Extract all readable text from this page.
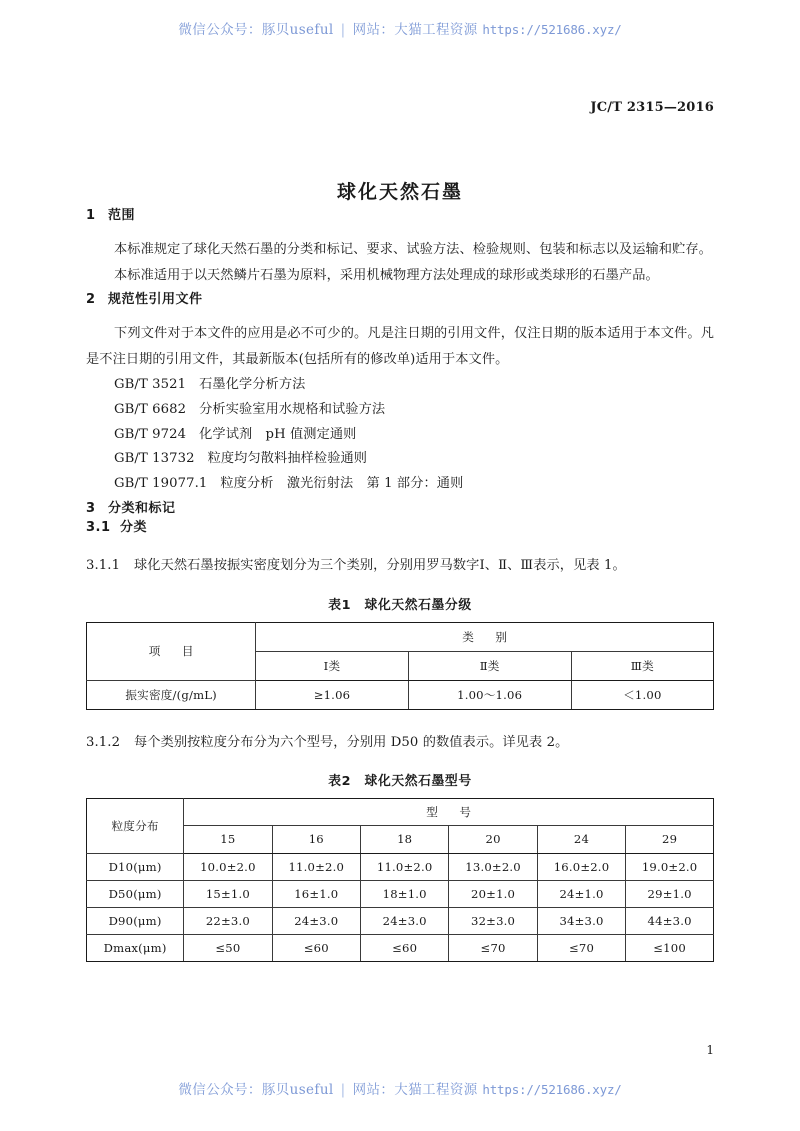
微信公众号：豚贝useful | 网站：大猫工程资源 https://521686.xyz/
JC/T 2315—2016
球化天然石墨
1 范围

本标准规定了球化天然石墨的分类和标记、要求、试验方法、检验规则、包装和标志以及运输和贮存。

本标准适用于以天然鳞片石墨为原料，采用机械物理方法处理成的球形或类球形的石墨产品。

2 规范性引用文件

下列文件对于本文件的应用是必不可少的。凡是注日期的引用文件，仅注日期的版本适用于本文件。凡是不注日期的引用文件，其最新版本(包括所有的修改单)适用于本文件。

GB/T 3521 石墨化学分析方法
GB/T 6682 分析实验室用水规格和试验方法
GB/T 9724 化学试剂　pH 值测定通则
GB/T 13732 粒度均匀散料抽样检验通则
GB/T 19077.1 粒度分析　激光衍射法　第 1 部分：通则
3 分类和标记
3.1 分类

3.1.1 球化天然石墨按振实密度划分为三个类别，分别用罗马数字Ⅰ、Ⅱ、Ⅲ表示，见表 1。

表1　球化天然石墨分级
项　目	类　别		
	Ⅰ类	Ⅱ类	Ⅲ类
振实密度/(g/mL)	≥1.06	1.00～1.06	＜1.00

3.1.2 每个类别按粒度分布分为六个型号，分别用 D50 的数值表示。详见表 2。

表2　球化天然石墨型号
粒度分布	型　号					
	15	16	18	20	24	29
D10(μm)	10.0±2.0	11.0±2.0	11.0±2.0	13.0±2.0	16.0±2.0	19.0±2.0
D50(μm)	15±1.0	16±1.0	18±1.0	20±1.0	24±1.0	29±1.0
D90(μm)	22±3.0	24±3.0	24±3.0	32±3.0	34±3.0	44±3.0
Dmax(μm)	≤50	≤60	≤60	≤70	≤70	≤100
1
微信公众号：豚贝useful | 网站：大猫工程资源 https://521686.xyz/
